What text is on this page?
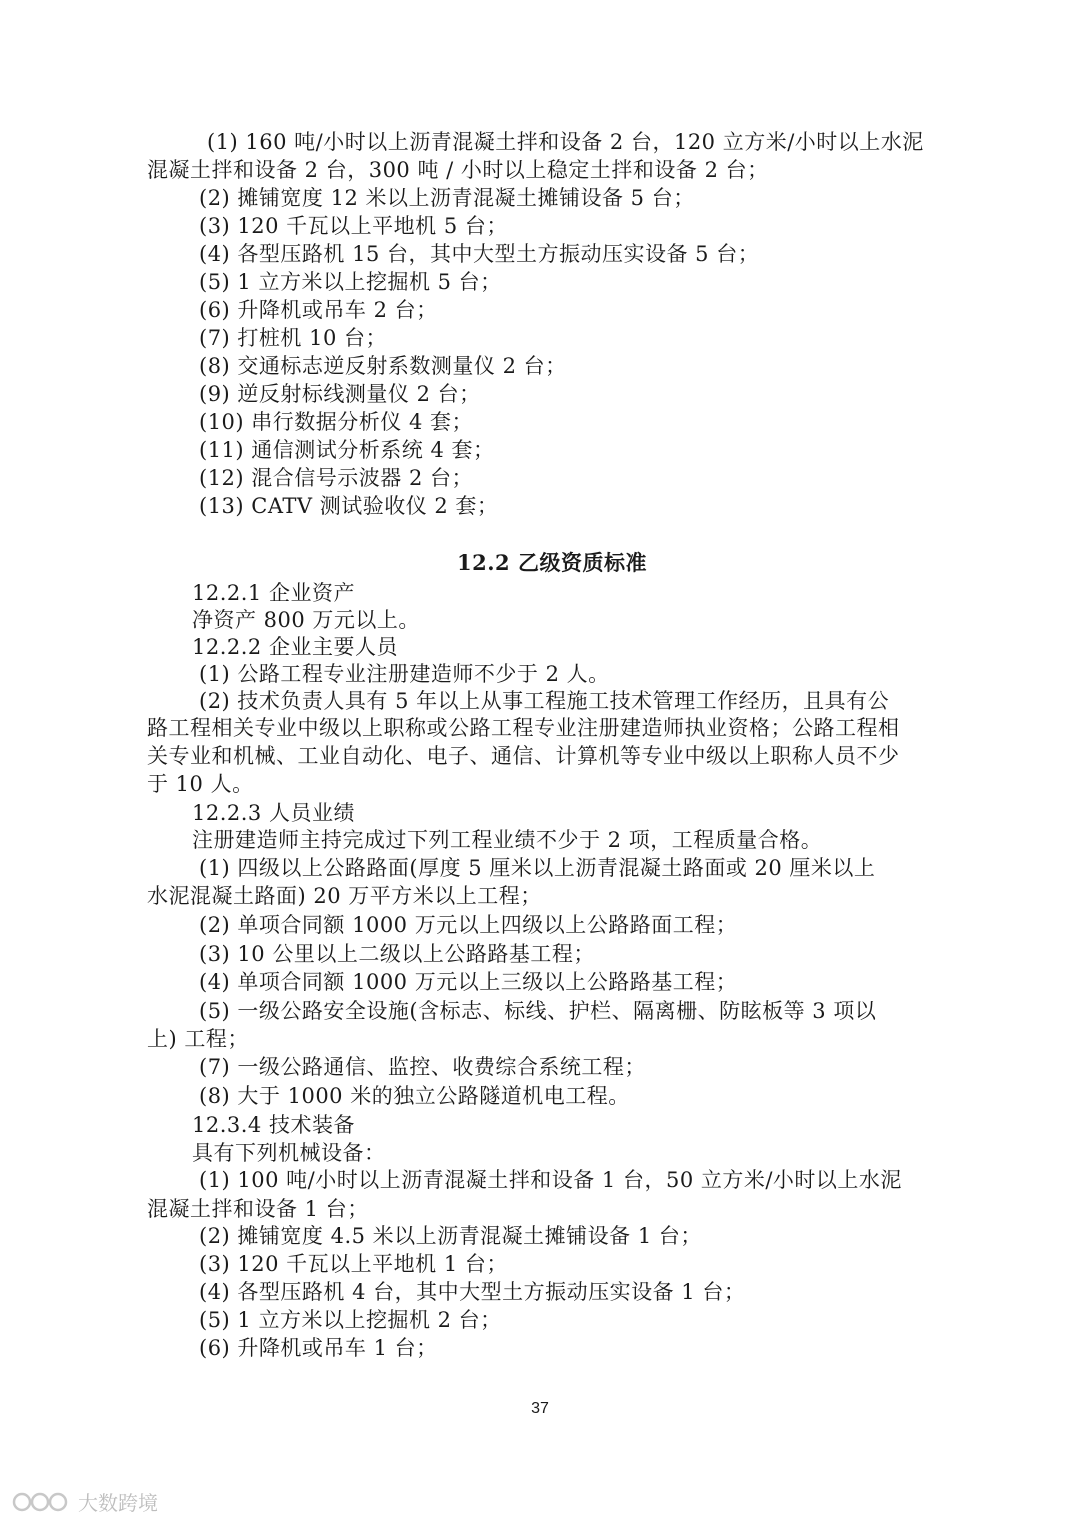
(1) 160 吨/小时以上沥青混凝土拌和设备 2 台，120 立方米/小时以上水泥
混凝土拌和设备 2 台，300 吨 / 小时以上稳定土拌和设备 2 台；
(2) 摊铺宽度 12 米以上沥青混凝土摊铺设备 5 台；
(3) 120 千瓦以上平地机 5 台；
(4) 各型压路机 15 台，其中大型土方振动压实设备 5 台；
(5) 1 立方米以上挖掘机 5 台；
(6) 升降机或吊车 2 台；
(7) 打桩机 10 台；
(8) 交通标志逆反射系数测量仪 2 台；
(9) 逆反射标线测量仪 2 台；
(10) 串行数据分析仪 4 套；
(11) 通信测试分析系统 4 套；
(12) 混合信号示波器 2 台；
(13) CATV 测试验收仪 2 套；
12.2 乙级资质标准
12.2.1 企业资产
净资产 800 万元以上。
12.2.2 企业主要人员
(1) 公路工程专业注册建造师不少于 2 人。
(2) 技术负责人具有 5 年以上从事工程施工技术管理工作经历，且具有公
路工程相关专业中级以上职称或公路工程专业注册建造师执业资格；公路工程相
关专业和机械、工业自动化、电子、通信、计算机等专业中级以上职称人员不少
于 10 人。
12.2.3 人员业绩
注册建造师主持完成过下列工程业绩不少于 2 项，工程质量合格。
(1) 四级以上公路路面(厚度 5 厘米以上沥青混凝土路面或 20 厘米以上
水泥混凝土路面) 20 万平方米以上工程；
(2) 单项合同额 1000 万元以上四级以上公路路面工程；
(3) 10 公里以上二级以上公路路基工程；
(4) 单项合同额 1000 万元以上三级以上公路路基工程；
(5) 一级公路安全设施(含标志、标线、护栏、隔离栅、防眩板等 3 项以
上) 工程；
(7) 一级公路通信、监控、收费综合系统工程；
(8) 大于 1000 米的独立公路隧道机电工程。
12.3.4 技术装备
具有下列机械设备：
(1) 100 吨/小时以上沥青混凝土拌和设备 1 台，50 立方米/小时以上水泥
混凝土拌和设备 1 台；
(2) 摊铺宽度 4.5 米以上沥青混凝土摊铺设备 1 台；
(3) 120 千瓦以上平地机 1 台；
(4) 各型压路机 4 台，其中大型土方振动压实设备 1 台；
(5) 1 立方米以上挖掘机 2 台；
(6) 升降机或吊车 1 台；
37
大数跨境
